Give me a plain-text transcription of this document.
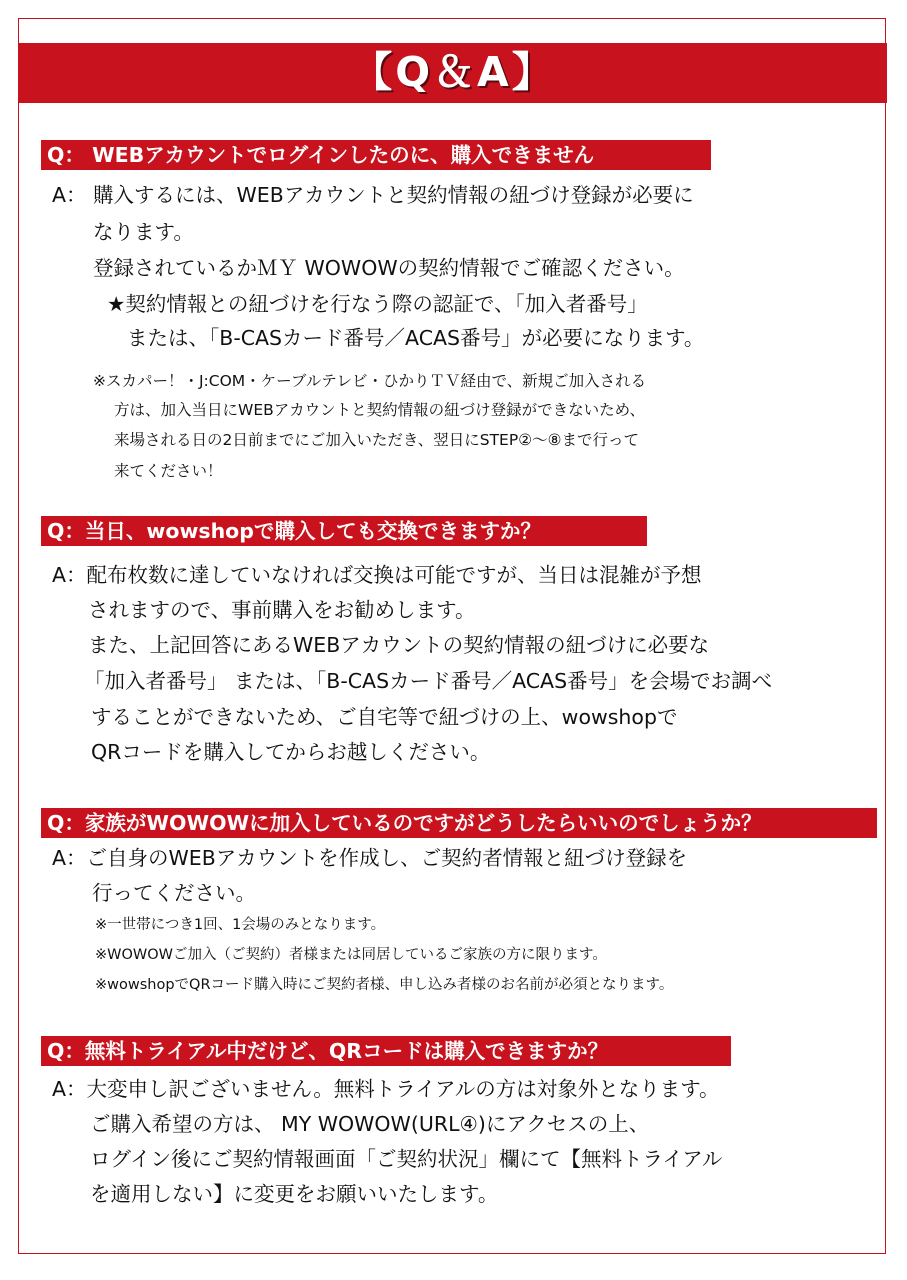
【Q＆A】
Q： WEBアカウントでログインしたのに、購入できません
A： 購入するには、WEBアカウントと契約情報の紐づけ登録が必要に
なります。
登録されているかＭＹ WOWOWの契約情報でご確認ください。
★契約情報との紐づけを行なう際の認証で、「加入者番号」
または、「B-CASカード番号／ACAS番号」が必要になります。
※スカパー！・J:COM・ケーブルテレビ・ひかりＴＶ経由で、新規ご加入される
方は、加入当日にWEBアカウントと契約情報の紐づけ登録ができないため、
来場される日の2日前までにご加入いただき、翌日にSTEP②〜⑧まで行って
来てください！
Q：当日、wowshopで購入しても交換できますか？
A：配布枚数に達していなければ交換は可能ですが、当日は混雑が予想
されますので、事前購入をお勧めします。
また、上記回答にあるWEBアカウントの契約情報の紐づけに必要な
「加入者番号」 または、「B-CASカード番号／ACAS番号」を会場でお調べ
することができないため、ご自宅等で紐づけの上、wowshopで
QRコードを購入してからお越しください。
Q：家族がWOWOWに加入しているのですがどうしたらいいのでしょうか？
A：ご自身のWEBアカウントを作成し、ご契約者情報と紐づけ登録を
行ってください。
※一世帯につき1回、1会場のみとなります。
※WOWOWご加入（ご契約）者様または同居しているご家族の方に限ります。
※wowshopでQRコード購入時にご契約者様、申し込み者様のお名前が必須となります。
Q：無料トライアル中だけど、QRコードは購入できますか？
A：大変申し訳ございません。無料トライアルの方は対象外となります。
ご購入希望の方は、 MY WOWOW(URL④)にアクセスの上、
ログイン後にご契約情報画面「ご契約状況」欄にて【無料トライアル
を適用しない】に変更をお願いいたします。
